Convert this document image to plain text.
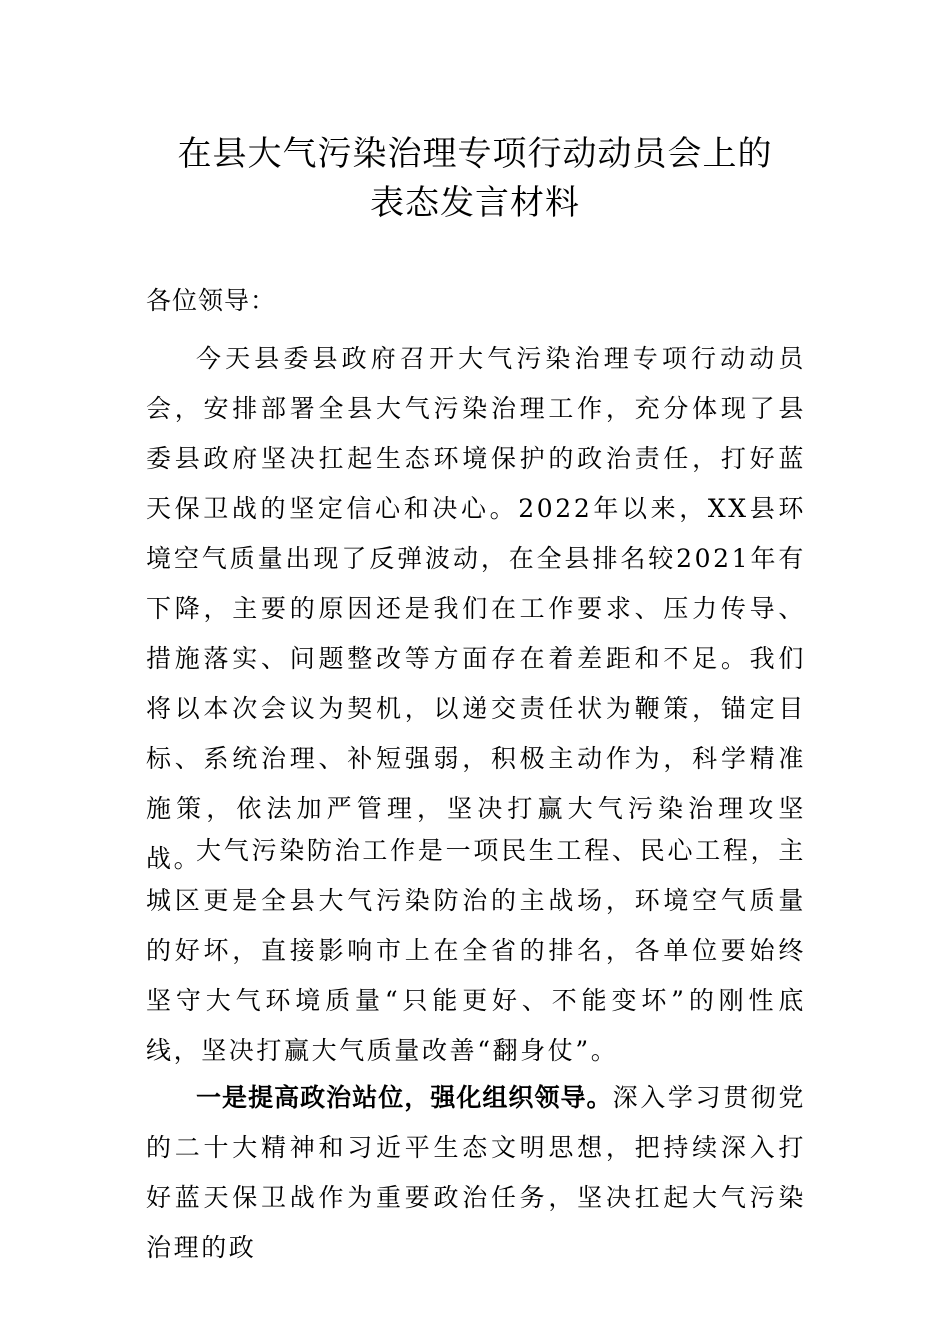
在县大气污染治理专项行动动员会上的
表态发言材料
各位领导：

今天县委县政府召开大气污染治理专项行动动员会，安排部署全县大气污染治理工作，充分体现了县委县政府坚决扛起生态环境保护的政治责任，打好蓝天保卫战的坚定信心和决心。2022年以来，XX县环境空气质量出现了反弹波动，在全县排名较2021年有下降，主要的原因还是我们在工作要求、压力传导、措施落实、问题整改等方面存在着差距和不足。我们将以本次会议为契机，以递交责任状为鞭策，锚定目标、系统治理、补短强弱，积极主动作为，科学精准施策，依法加严管理，坚决打赢大气污染治理攻坚战。

大气污染防治工作是一项民生工程、民心工程，主城区更是全县大气污染防治的主战场，环境空气质量的好坏，直接影响市上在全省的排名，各单位要始终坚守大气环境质量“只能更好、不能变坏”的刚性底线，坚决打赢大气质量改善“翻身仗”。

一是提高政治站位，强化组织领导。深入学习贯彻党的二十大精神和习近平生态文明思想，把持续深入打好蓝天保卫战作为重要政治任务，坚决扛起大气污染治理的政
